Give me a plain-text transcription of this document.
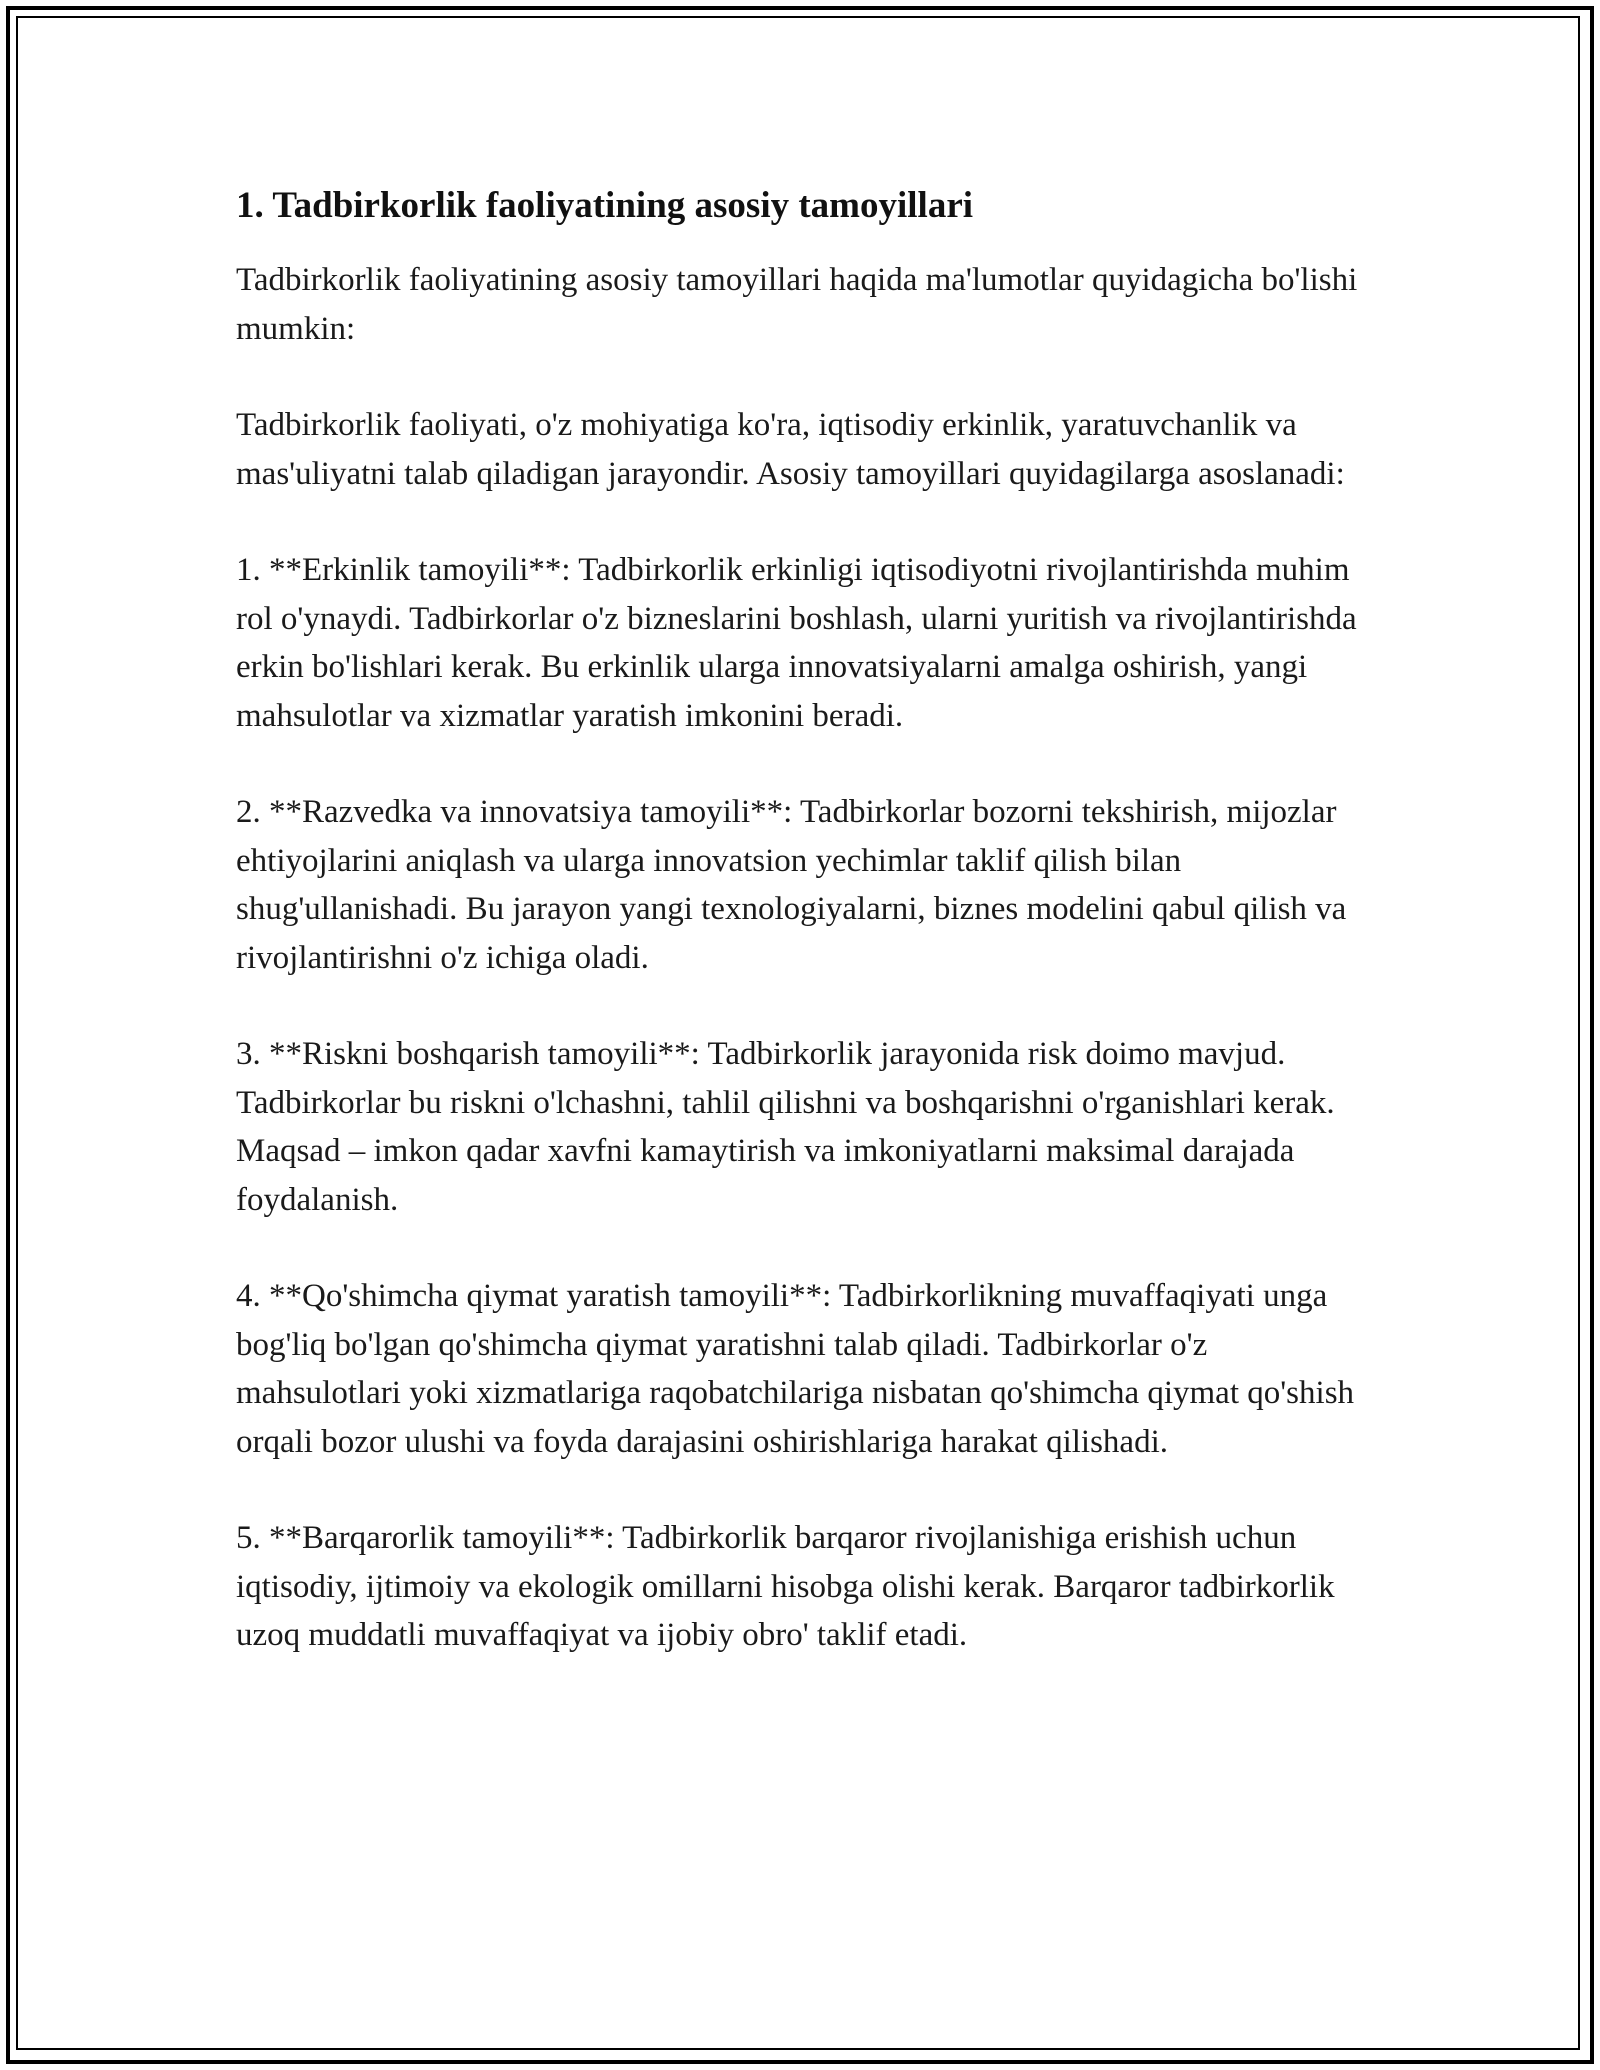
1. Tadbirkorlik faoliyatining asosiy tamoyillari

Tadbirkorlik faoliyatining asosiy tamoyillari haqida ma'lumotlar quyidagicha bo'lishi mumkin:

Tadbirkorlik faoliyati, o'z mohiyatiga ko'ra, iqtisodiy erkinlik, yaratuvchanlik va mas'uliyatni talab qiladigan jarayondir. Asosiy tamoyillari quyidagilarga asoslanadi:

1. **Erkinlik tamoyili**: Tadbirkorlik erkinligi iqtisodiyotni rivojlantirishda muhim rol o'ynaydi. Tadbirkorlar o'z bizneslarini boshlash, ularni yuritish va rivojlantirishda erkin bo'lishlari kerak. Bu erkinlik ularga innovatsiyalarni amalga oshirish, yangi mahsulotlar va xizmatlar yaratish imkonini beradi.

2. **Razvedka va innovatsiya tamoyili**: Tadbirkorlar bozorni tekshirish, mijozlar ehtiyojlarini aniqlash va ularga innovatsion yechimlar taklif qilish bilan shug'ullanishadi. Bu jarayon yangi texnologiyalarni, biznes modelini qabul qilish va rivojlantirishni o'z ichiga oladi.

3. **Riskni boshqarish tamoyili**: Tadbirkorlik jarayonida risk doimo mavjud. Tadbirkorlar bu riskni o'lchashni, tahlil qilishni va boshqarishni o'rganishlari kerak. Maqsad – imkon qadar xavfni kamaytirish va imkoniyatlarni maksimal darajada foydalanish.

4. **Qo'shimcha qiymat yaratish tamoyili**: Tadbirkorlikning muvaffaqiyati unga bog'liq bo'lgan qo'shimcha qiymat yaratishni talab qiladi. Tadbirkorlar o'z mahsulotlari yoki xizmatlariga raqobatchilariga nisbatan qo'shimcha qiymat qo'shish orqali bozor ulushi va foyda darajasini oshirishlariga harakat qilishadi.

5. **Barqarorlik tamoyili**: Tadbirkorlik barqaror rivojlanishiga erishish uchun iqtisodiy, ijtimoiy va ekologik omillarni hisobga olishi kerak. Barqaror tadbirkorlik uzoq muddatli muvaffaqiyat va ijobiy obro' taklif etadi.
